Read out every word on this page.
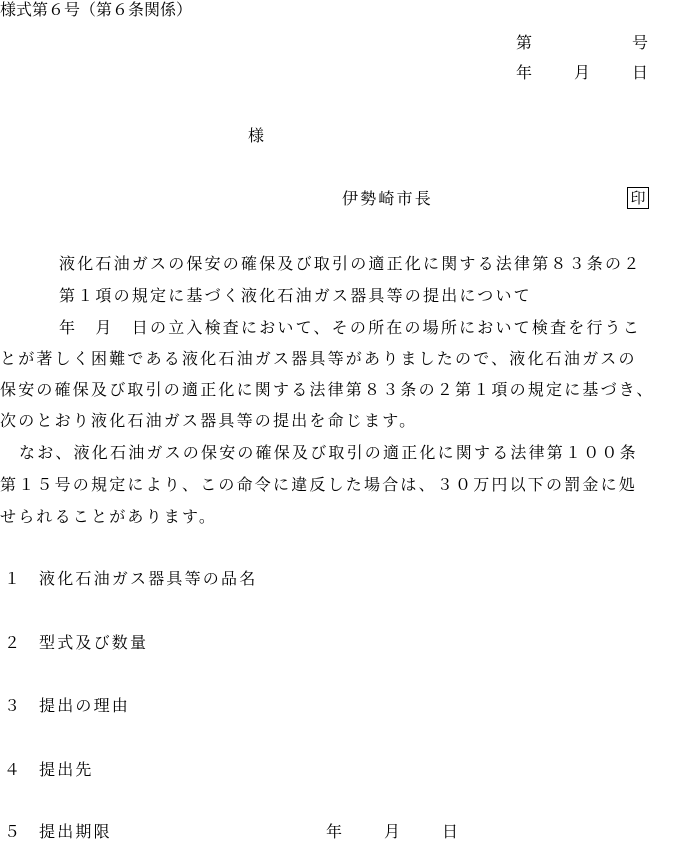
様式第６号（第６条関係）
第	号
年	月	日
様
伊勢崎市長	印
液化石油ガスの保安の確保及び取引の適正化に関する法律第８３条の２
第１項の規定に基づく液化石油ガス器具等の提出について
年　月　日の立入検査において、その所在の場所において検査を行うこ
とが著しく困難である液化石油ガス器具等がありましたので、液化石油ガスの
保安の確保及び取引の適正化に関する法律第８３条の２第１項の規定に基づき、
次のとおり液化石油ガス器具等の提出を命じます。
なお、液化石油ガスの保安の確保及び取引の適正化に関する法律第１００条
第１５号の規定により、この命令に違反した場合は、３０万円以下の罰金に処
せられることがあります。
１ 液化石油ガス器具等の品名
２ 型式及び数量
３ 提出の理由
４ 提出先
５ 提出期限	年	月	日
